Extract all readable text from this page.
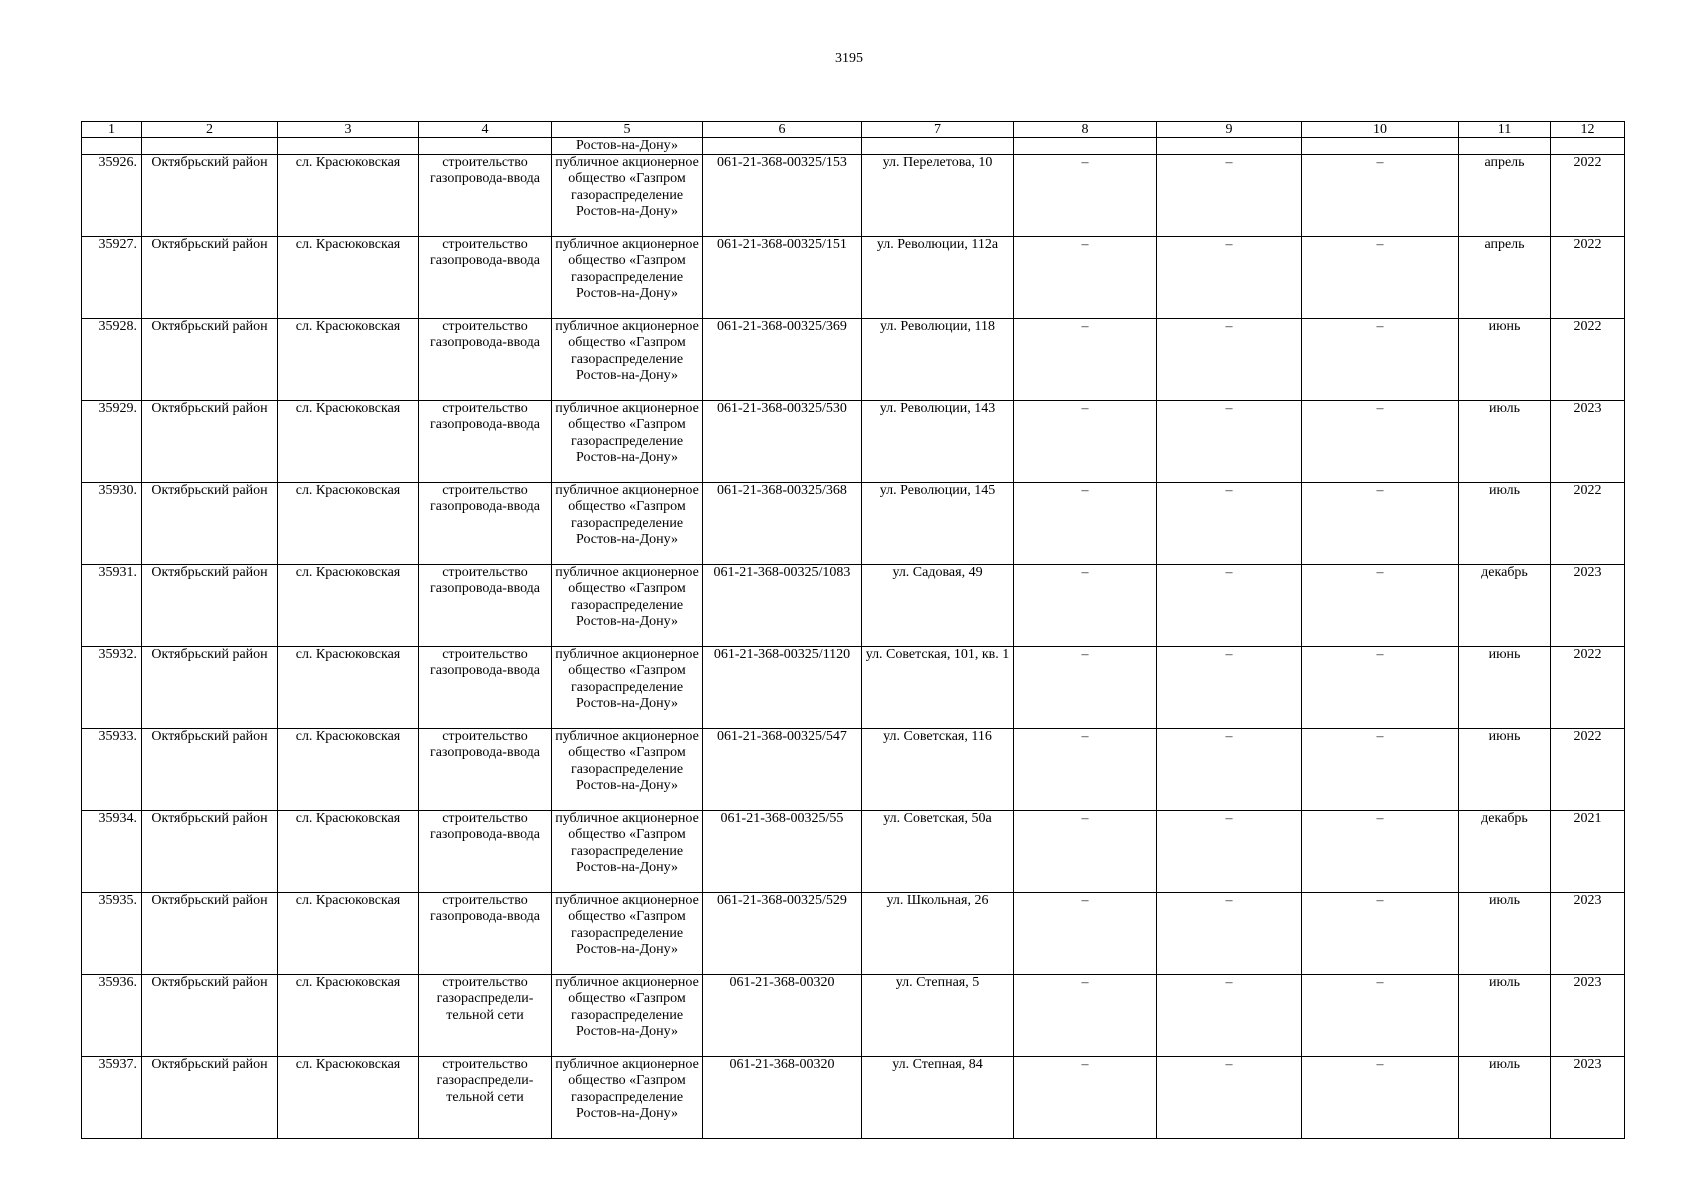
3195
1	2	3	4	5	6	7	8	9	10	11	12
				Ростов-на-Дону»							
35926.	Октябрьский район	сл. Красюковская	строительство газопровода-ввода	публичное акционерное общество «Газпром газораспределение Ростов-на-Дону»	061-21-368-00325/153	ул. Перелетова, 10	–	–	–	апрель	2022
35927.	Октябрьский район	сл. Красюковская	строительство газопровода-ввода	публичное акционерное общество «Газпром газораспределение Ростов-на-Дону»	061-21-368-00325/151	ул. Революции, 112а	–	–	–	апрель	2022
35928.	Октябрьский район	сл. Красюковская	строительство газопровода-ввода	публичное акционерное общество «Газпром газораспределение Ростов-на-Дону»	061-21-368-00325/369	ул. Революции, 118	–	–	–	июнь	2022
35929.	Октябрьский район	сл. Красюковская	строительство газопровода-ввода	публичное акционерное общество «Газпром газораспределение Ростов-на-Дону»	061-21-368-00325/530	ул. Революции, 143	–	–	–	июль	2023
35930.	Октябрьский район	сл. Красюковская	строительство газопровода-ввода	публичное акционерное общество «Газпром газораспределение Ростов-на-Дону»	061-21-368-00325/368	ул. Революции, 145	–	–	–	июль	2022
35931.	Октябрьский район	сл. Красюковская	строительство газопровода-ввода	публичное акционерное общество «Газпром газораспределение Ростов-на-Дону»	061-21-368-00325/1083	ул. Садовая, 49	–	–	–	декабрь	2023
35932.	Октябрьский район	сл. Красюковская	строительство газопровода-ввода	публичное акционерное общество «Газпром газораспределение Ростов-на-Дону»	061-21-368-00325/1120	ул. Советская, 101, кв. 1	–	–	–	июнь	2022
35933.	Октябрьский район	сл. Красюковская	строительство газопровода-ввода	публичное акционерное общество «Газпром газораспределение Ростов-на-Дону»	061-21-368-00325/547	ул. Советская, 116	–	–	–	июнь	2022
35934.	Октябрьский район	сл. Красюковская	строительство газопровода-ввода	публичное акционерное общество «Газпром газораспределение Ростов-на-Дону»	061-21-368-00325/55	ул. Советская, 50а	–	–	–	декабрь	2021
35935.	Октябрьский район	сл. Красюковская	строительство газопровода-ввода	публичное акционерное общество «Газпром газораспределение Ростов-на-Дону»	061-21-368-00325/529	ул. Школьная, 26	–	–	–	июль	2023
35936.	Октябрьский район	сл. Красюковская	строительство газораспредели-тельной сети	публичное акционерное общество «Газпром газораспределение Ростов-на-Дону»	061-21-368-00320	ул. Степная, 5	–	–	–	июль	2023
35937.	Октябрьский район	сл. Красюковская	строительство газораспредели-тельной сети	публичное акционерное общество «Газпром газораспределение Ростов-на-Дону»	061-21-368-00320	ул. Степная, 84	–	–	–	июль	2023
